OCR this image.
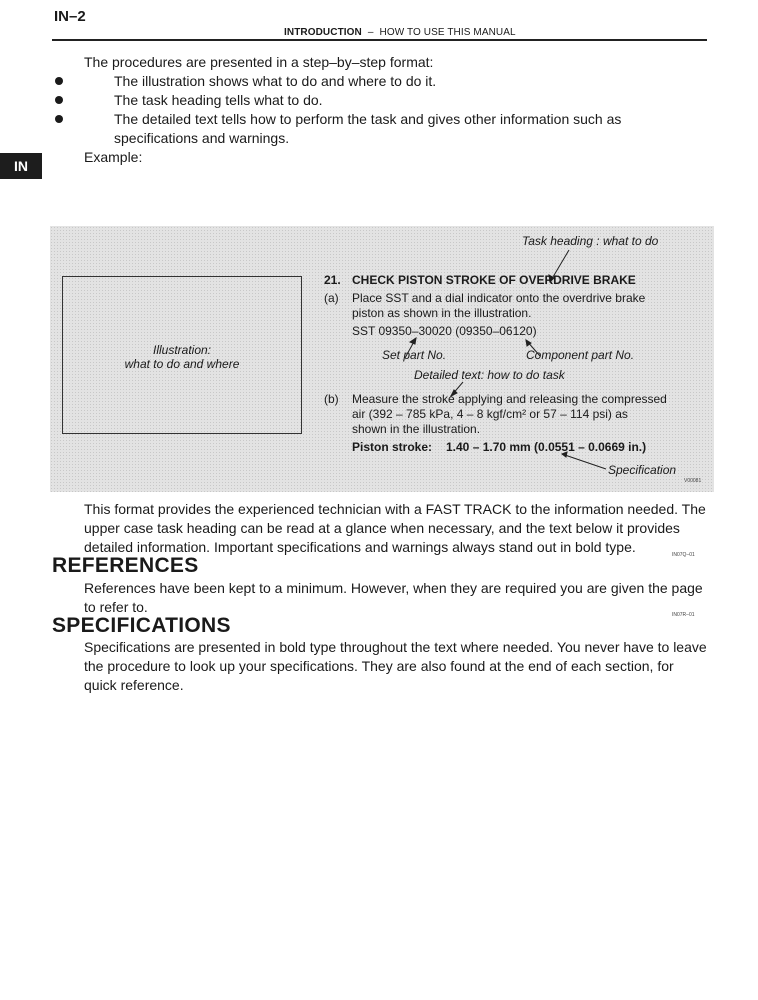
IN–2
INTRODUCTION – HOW TO USE THIS MANUAL
IN
The procedures are presented in a step–by–step format:
The illustration shows what to do and where to do it.
The task heading tells what to do.
The detailed text tells how to perform the task and gives other information such as specifications and warnings.
Example:
Task heading : what to do
Illustration:
what to do and where
21. CHECK PISTON STROKE OF OVERDRIVE BRAKE
(a) Place SST and a dial indicator onto the overdrive brake
piston as shown in the illustration.
SST 09350–30020 (09350–06120)
Set part No.	Component part No.
Detailed text: how to do task
(b) Measure the stroke applying and releasing the compressed
air (392 – 785 kPa, 4 – 8 kgf/cm² or 57 – 114 psi) as
shown in the illustration.
Piston stroke: 1.40 – 1.70 mm (0.0551 – 0.0669 in.)
Specification
V00081
This format provides the experienced technician with a FAST TRACK to the information needed. The upper case task heading can be read at a glance when necessary, and the text below it provides detailed information. Important specifications and warnings always stand out in bold type.	IN07Q–01
REFERENCES
References have been kept to a minimum. However, when they are required you are given the page to refer to.	IN07R–01
SPECIFICATIONS
Specifications are presented in bold type throughout the text where needed. You never have to leave the procedure to look up your specifications. They are also found at the end of each section, for quick reference.
